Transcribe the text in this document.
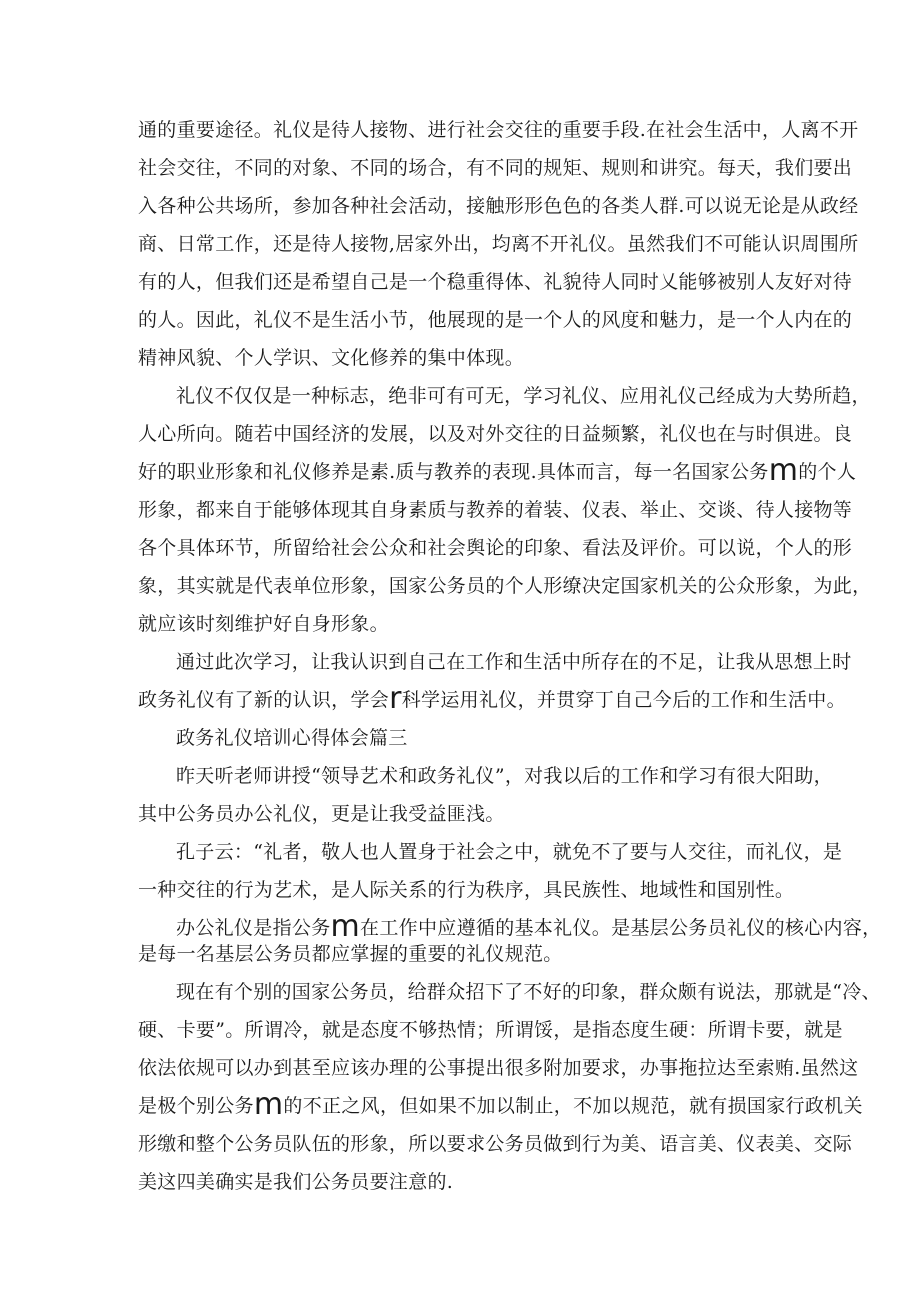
通的重要途径。礼仪是待人接物、进行社会交往的重要手段.在社会生活中，人离不开
社会交往，不同的对象、不同的场合，有不同的规矩、规则和讲究。每天，我们要出
入各种公共场所，参加各种社会活动，接触形形色色的各类人群.可以说无论是从政经
商、日常工作，还是待人接物,居家外出，均离不开礼仪。虽然我们不可能认识周围所
有的人，但我们还是希望自己是一个稳重得体、礼貌待人同时乂能够被别人友好对待
的人。因此，礼仪不是生活小节，他展现的是一个人的风度和魅力，是一个人内在的
精神风貌、个人学识、文化修养的集中体现。
礼仪不仅仅是一种标志，绝非可有可无，学习礼仪、应用礼仪己经成为大势所趋，
人心所向。随若中国经济的发展，以及对外交往的日益频繁，礼仪也在与时俱进。良
好的职业形象和礼仪修养是素.质与教养的表现.具体而言，每一名国家公务m的个人
形象，都来自于能够体现其自身素质与教养的着装、仪表、举止、交谈、待人接物等
各个具体环节，所留给社会公众和社会舆论的印象、看法及评价。可以说，个人的形
象，其实就是代表单位形象，国家公务员的个人形缭决定国家机关的公众形象，为此，
就应该时刻维护好自身形象。
通过此次学习，让我认识到自己在工作和生活中所存在的不足，让我从思想上时
政务礼仪有了新的认识，学会r科学运用礼仪，并贯穿丁自己今后的工作和生活中。
政务礼仪培训心得体会篇三
昨天听老师讲授“领导艺术和政务礼仪”，对我以后的工作和学习有很大阳助，
其中公务员办公礼仪，更是让我受益匪浅。
孔子云：“礼者，敬人也人置身于社会之中，就免不了要与人交往，而礼仪，是
一种交往的行为艺术，是人际关系的行为秩序，具民族性、地域性和国别性。
办公礼仪是指公务m在工作中应遵循的基本礼仪。是基层公务员礼仪的核心内容，
是每一名基层公务员都应掌握的重要的礼仪规范。
现在有个别的国家公务员，给群众招下了不好的印象，群众颇有说法，那就是“冷、
硬、卡要”。所谓冷，就是态度不够热情；所谓馁，是指态度生硬：所谓卡要，就是
依法依规可以办到甚至应该办理的公事提出很多附加要求，办事拖拉达至索贿.虽然这
是极个别公务m的不正之风，但如果不加以制止，不加以规范，就有损国家行政机关
形缴和整个公务员队伍的形象，所以要求公务员做到行为美、语言美、仪表美、交际
美这四美确实是我们公务员要注意的.
